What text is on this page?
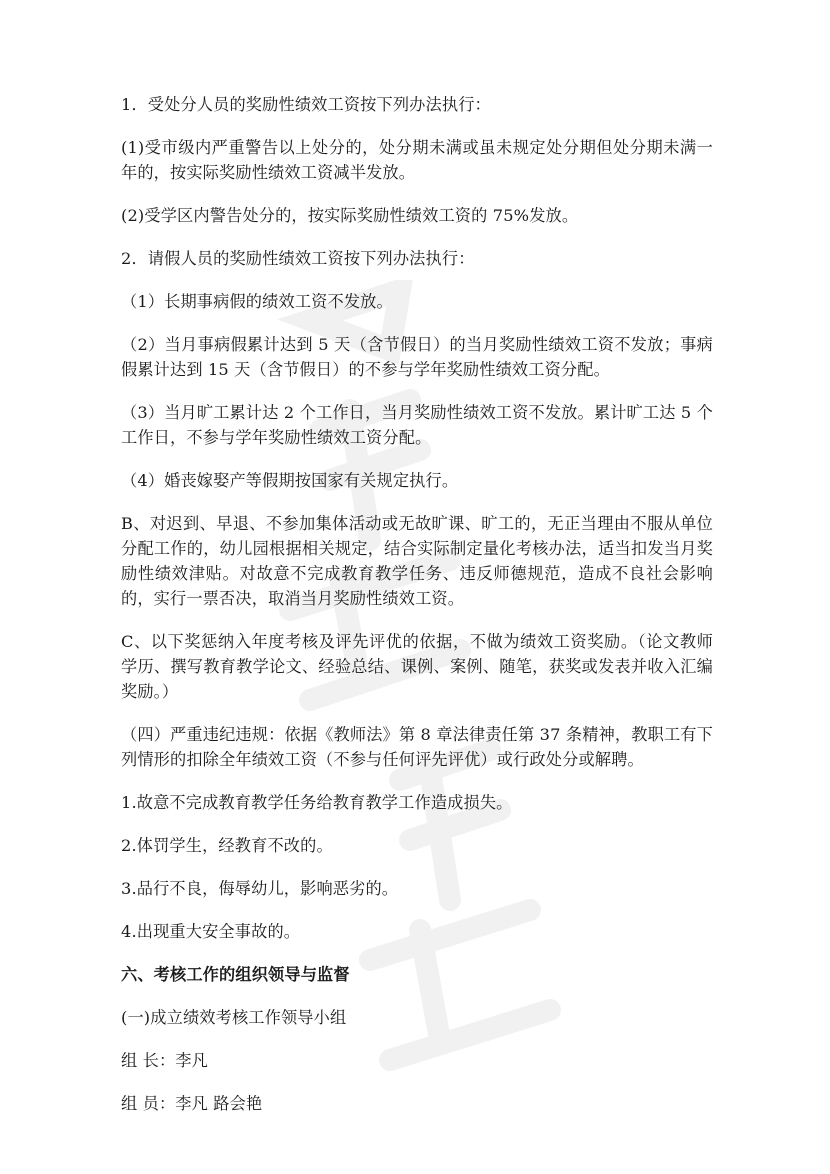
1．受处分人员的奖励性绩效工资按下列办法执行：

(1)受市级内严重警告以上处分的，处分期未满或虽未规定处分期但处分期未满一年的，按实际奖励性绩效工资减半发放。

(2)受学区内警告处分的，按实际奖励性绩效工资的 75%发放。

2．请假人员的奖励性绩效工资按下列办法执行：

（1）长期事病假的绩效工资不发放。

（2）当月事病假累计达到 5 天（含节假日）的当月奖励性绩效工资不发放；事病假累计达到 15 天（含节假日）的不参与学年奖励性绩效工资分配。

（3）当月旷工累计达 2 个工作日，当月奖励性绩效工资不发放。累计旷工达 5 个工作日，不参与学年奖励性绩效工资分配。

（4）婚丧嫁娶产等假期按国家有关规定执行。

B、对迟到、早退、不参加集体活动或无故旷课、旷工的，无正当理由不服从单位分配工作的，幼儿园根据相关规定，结合实际制定量化考核办法，适当扣发当月奖励性绩效津贴。对故意不完成教育教学任务、违反师德规范，造成不良社会影响的，实行一票否决，取消当月奖励性绩效工资。

C、以下奖惩纳入年度考核及评先评优的依据，不做为绩效工资奖励。（论文教师学历、撰写教育教学论文、经验总结、课例、案例、随笔，获奖或发表并收入汇编奖励。）

（四）严重违纪违规：依据《教师法》第 8 章法律责任第 37 条精神，教职工有下列情形的扣除全年绩效工资（不参与任何评先评优）或行政处分或解聘。

1.故意不完成教育教学任务给教育教学工作造成损失。

2.体罚学生，经教育不改的。

3.品行不良，侮辱幼儿，影响恶劣的。

4.出现重大安全事故的。

六、考核工作的组织领导与监督

(一)成立绩效考核工作领导小组

组 长：李凡

组 员：李凡 路会艳
